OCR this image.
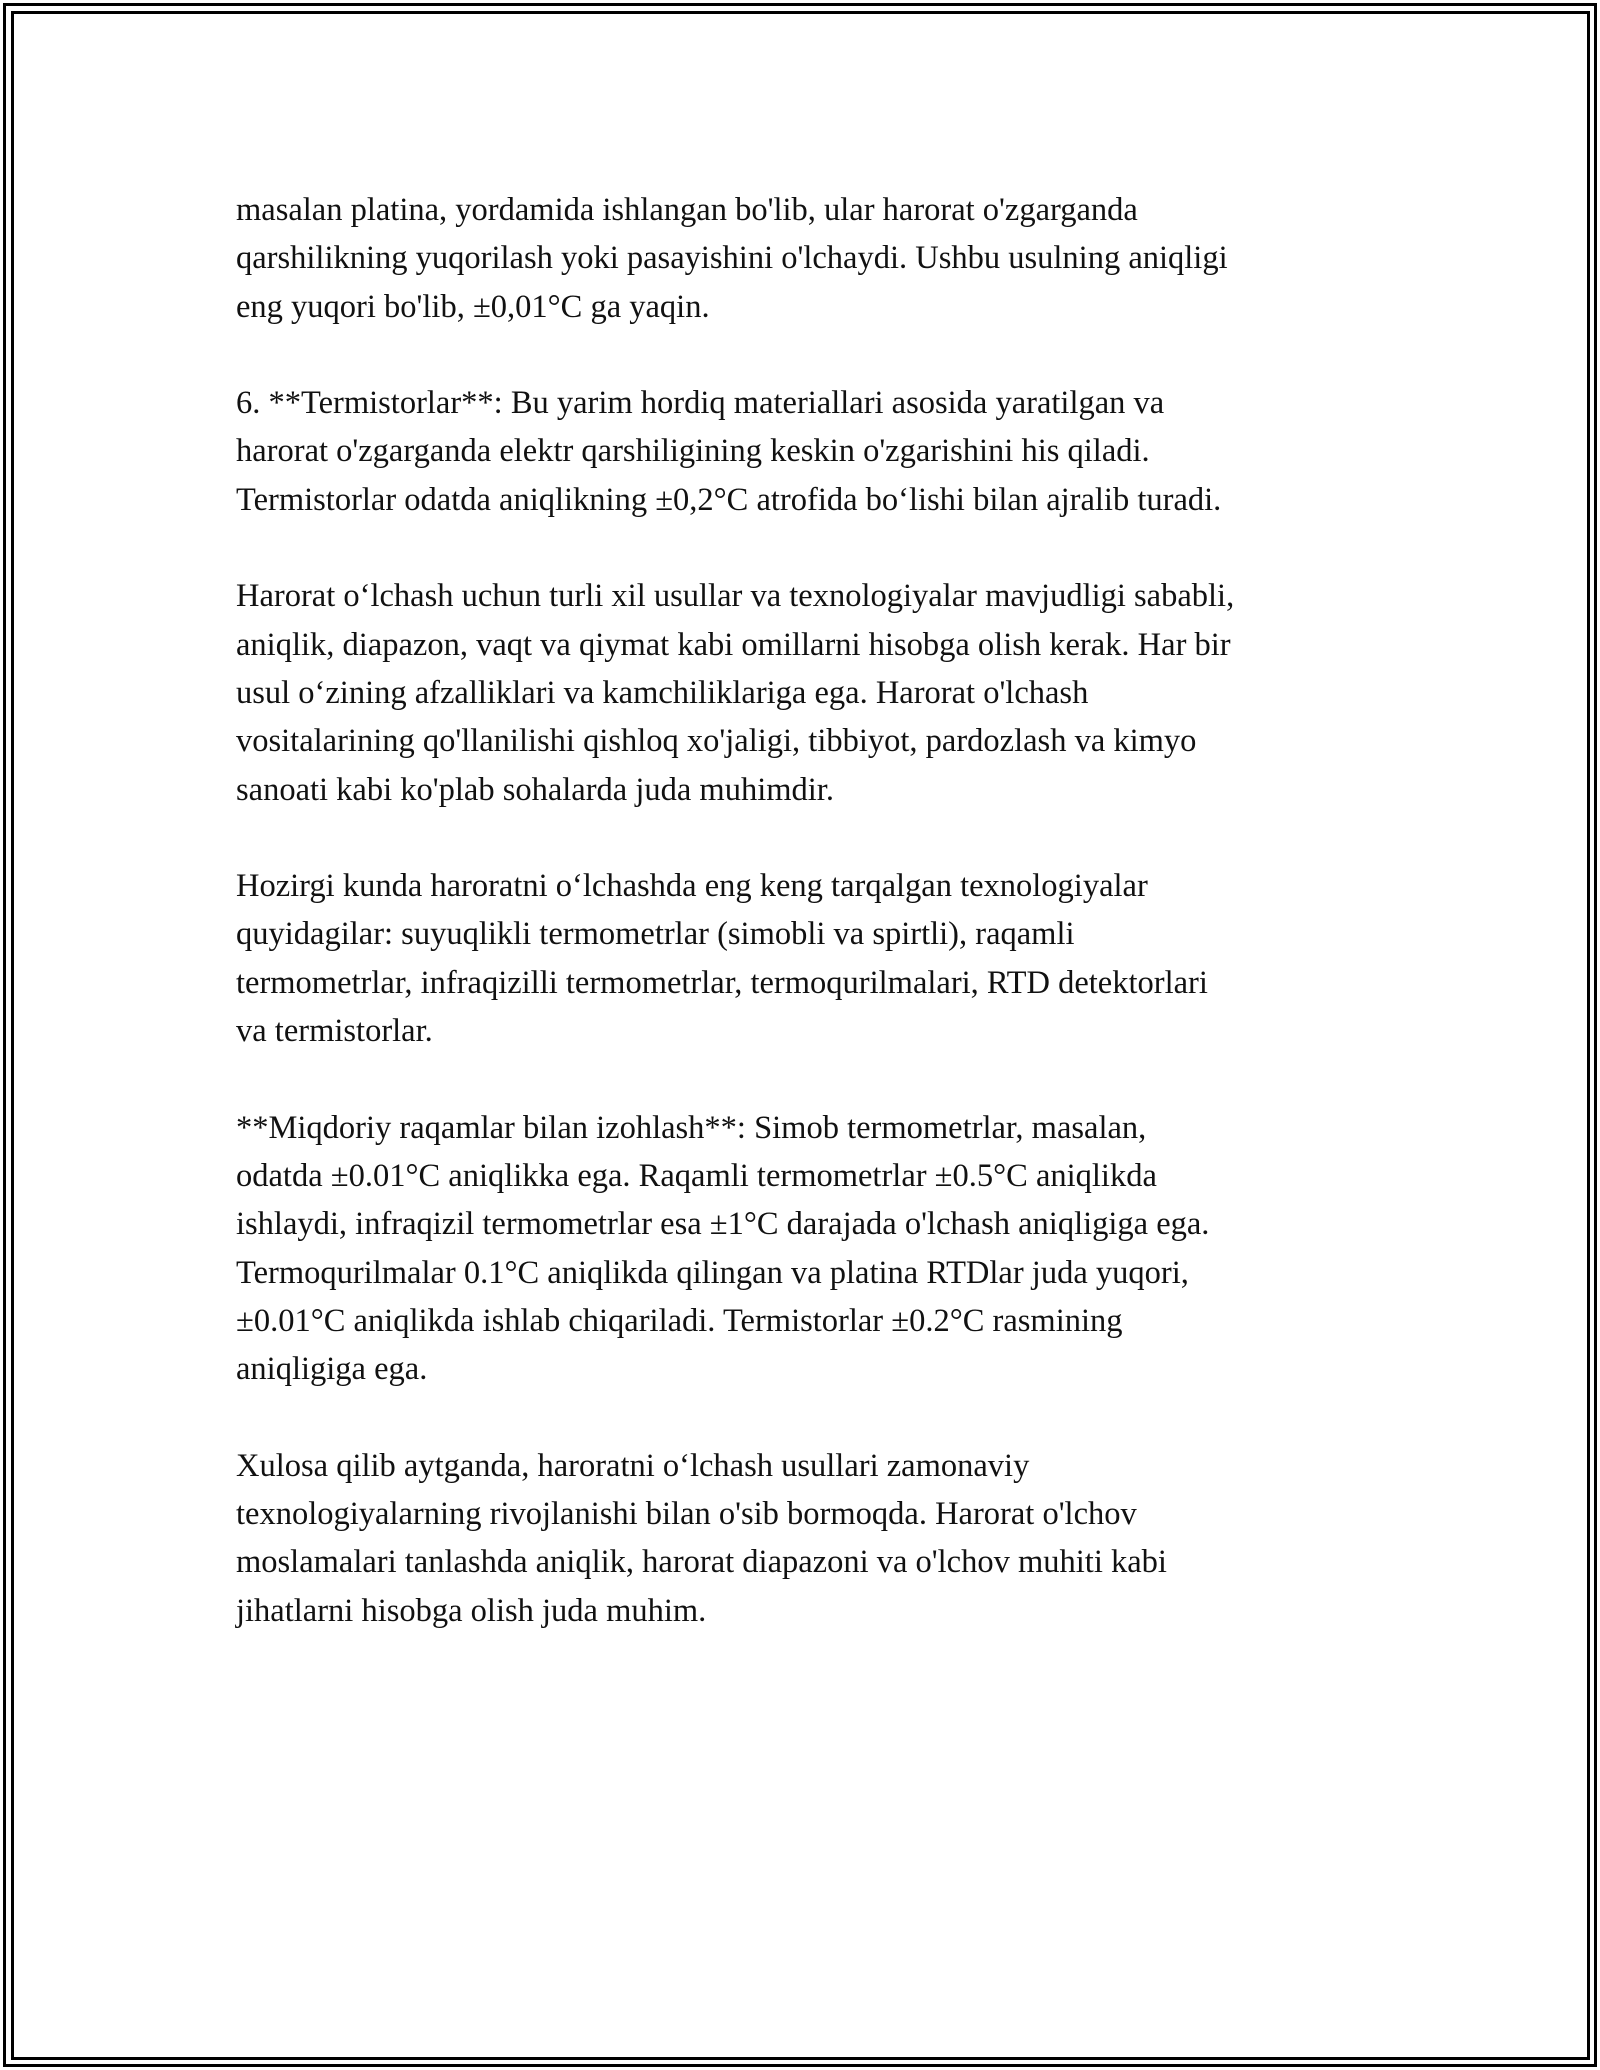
masalan platina, yordamida ishlangan bo'lib, ular harorat o'zgarganda
qarshilikning yuqorilash yoki pasayishini o'lchaydi. Ushbu usulning aniqligi
eng yuqori bo'lib, ±0,01°C ga yaqin.

6. **Termistorlar**: Bu yarim hordiq materiallari asosida yaratilgan va
harorat o'zgarganda elektr qarshiligining keskin o'zgarishini his qiladi.
Termistorlar odatda aniqlikning ±0,2°C atrofida boʻlishi bilan ajralib turadi.

Harorat oʻlchash uchun turli xil usullar va texnologiyalar mavjudligi sababli,
aniqlik, diapazon, vaqt va qiymat kabi omillarni hisobga olish kerak. Har bir
usul oʻzining afzalliklari va kamchiliklariga ega. Harorat o'lchash
vositalarining qo'llanilishi qishloq xo'jaligi, tibbiyot, pardozlash va kimyo
sanoati kabi ko'plab sohalarda juda muhimdir.

Hozirgi kunda haroratni oʻlchashda eng keng tarqalgan texnologiyalar
quyidagilar: suyuqlikli termometrlar (simobli va spirtli), raqamli
termometrlar, infraqizilli termometrlar, termoqurilmalari, RTD detektorlari
va termistorlar.

**Miqdoriy raqamlar bilan izohlash**: Simob termometrlar, masalan,
odatda ±0.01°C aniqlikka ega. Raqamli termometrlar ±0.5°C aniqlikda
ishlaydi, infraqizil termometrlar esa ±1°C darajada o'lchash aniqligiga ega.
Termoqurilmalar 0.1°C aniqlikda qilingan va platina RTDlar juda yuqori,
±0.01°C aniqlikda ishlab chiqariladi. Termistorlar ±0.2°C rasmining
aniqligiga ega.

Xulosa qilib aytganda, haroratni oʻlchash usullari zamonaviy
texnologiyalarning rivojlanishi bilan o'sib bormoqda. Harorat o'lchov
moslamalari tanlashda aniqlik, harorat diapazoni va o'lchov muhiti kabi
jihatlarni hisobga olish juda muhim.
